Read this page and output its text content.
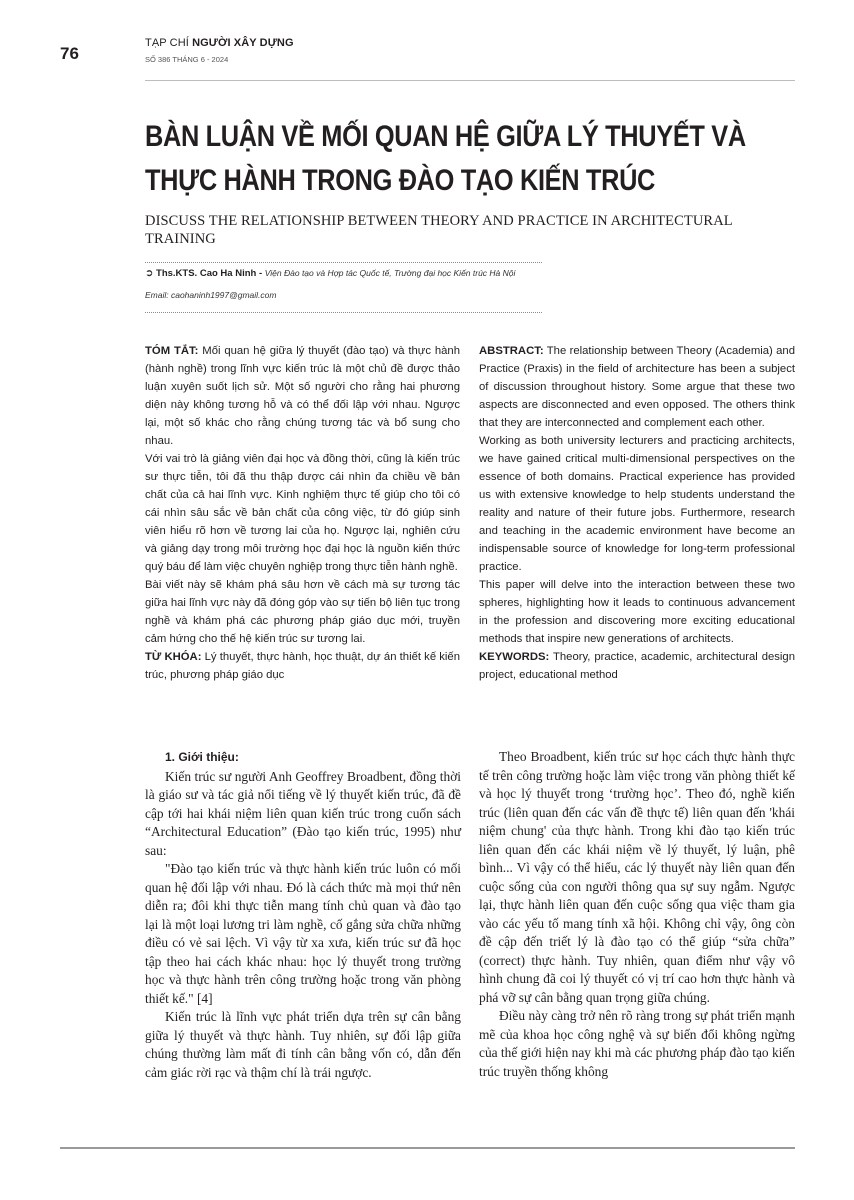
76
TẠP CHÍ NGƯỜI XÂY DỰNG
SỐ 386 THÁNG 6 - 2024
BÀN LUẬN VỀ MỐI QUAN HỆ GIỮA LÝ THUYẾT VÀ THỰC HÀNH TRONG ĐÀO TẠO KIẾN TRÚC
DISCUSS THE RELATIONSHIP BETWEEN THEORY AND PRACTICE IN ARCHITECTURAL TRAINING
➲ Ths.KTS. Cao Ha Ninh - Viện Đào tạo và Hợp tác Quốc tế, Trường đại học Kiến trúc Hà Nội
Email: caohaninh1997@gmail.com

TÓM TẮT: Mối quan hệ giữa lý thuyết (đào tạo) và thực hành (hành nghề) trong lĩnh vực kiến trúc là một chủ đề được thảo luận xuyên suốt lịch sử. Một số người cho rằng hai phương diện này không tương hỗ và có thể đối lập với nhau. Ngược lại, một số khác cho rằng chúng tương tác và bổ sung cho nhau.

Với vai trò là giảng viên đại học và đồng thời, cũng là kiến trúc sư thực tiễn, tôi đã thu thập được cái nhìn đa chiều về bản chất của cả hai lĩnh vực. Kinh nghiệm thực tế giúp cho tôi có cái nhìn sâu sắc về bản chất của công việc, từ đó giúp sinh viên hiểu rõ hơn về tương lai của họ. Ngược lại, nghiên cứu và giảng dạy trong môi trường học đại học là nguồn kiến thức quý báu để làm việc chuyên nghiệp trong thực tiễn hành nghề.

Bài viết này sẽ khám phá sâu hơn về cách mà sự tương tác giữa hai lĩnh vực này đã đóng góp vào sự tiến bộ liên tục trong nghề và khám phá các phương pháp giáo dục mới, truyền cảm hứng cho thế hệ kiến trúc sư tương lai.

TỪ KHÓA: Lý thuyết, thực hành, học thuật, dự án thiết kế kiến trúc, phương pháp giáo dục

ABSTRACT: The relationship between Theory (Academia) and Practice (Praxis) in the field of architecture has been a subject of discussion throughout history. Some argue that these two aspects are disconnected and even opposed. The others think that they are interconnected and complement each other.

Working as both university lecturers and practicing architects, we have gained critical multi-dimensional perspectives on the essence of both domains. Practical experience has provided us with extensive knowledge to help students understand the reality and nature of their future jobs. Furthermore, research and teaching in the academic environment have become an indispensable source of knowledge for long-term professional practice.

This paper will delve into the interaction between these two spheres, highlighting how it leads to continuous advancement in the profession and discovering more exciting educational methods that inspire new generations of architects.

KEYWORDS: Theory, practice, academic, architectural design project, educational method

1. Giới thiệu:

Kiến trúc sư người Anh Geoffrey Broadbent, đồng thời là giáo sư và tác giả nổi tiếng về lý thuyết kiến trúc, đã đề cập tới hai khái niệm liên quan kiến trúc trong cuốn sách “Architectural Education” (Đào tạo kiến trúc, 1995) như sau:

"Đào tạo kiến trúc và thực hành kiến trúc luôn có mối quan hệ đối lập với nhau. Đó là cách thức mà mọi thứ nên diễn ra; đôi khi thực tiễn mang tính chủ quan và đào tạo lại là một loại lương tri làm nghề, cố gắng sửa chữa những điều có vẻ sai lệch. Vì vậy từ xa xưa, kiến trúc sư đã học tập theo hai cách khác nhau: học lý thuyết trong trường học và thực hành trên công trường hoặc trong văn phòng thiết kế." [4]

Kiến trúc là lĩnh vực phát triển dựa trên sự cân bằng giữa lý thuyết và thực hành. Tuy nhiên, sự đối lập giữa chúng thường làm mất đi tính cân bằng vốn có, dẫn đến cảm giác rời rạc và thậm chí là trái ngược.

Theo Broadbent, kiến trúc sư học cách thực hành thực tế trên công trường hoặc làm việc trong văn phòng thiết kế và học lý thuyết trong ‘trường học’. Theo đó, nghề kiến trúc (liên quan đến các vấn đề thực tế) liên quan đến 'khái niệm chung' của thực hành. Trong khi đào tạo kiến trúc liên quan đến các khái niệm về lý thuyết, lý luận, phê bình... Vì vậy có thể hiểu, các lý thuyết này liên quan đến cuộc sống của con người thông qua sự suy ngẫm. Ngược lại, thực hành liên quan đến cuộc sống qua việc tham gia vào các yếu tố mang tính xã hội. Không chỉ vậy, ông còn đề cập đến triết lý là đào tạo có thể giúp “sửa chữa” (correct) thực hành. Tuy nhiên, quan điểm như vậy vô hình chung đã coi lý thuyết có vị trí cao hơn thực hành và phá vỡ sự cân bằng quan trọng giữa chúng.

Điều này càng trở nên rõ ràng trong sự phát triển mạnh mẽ của khoa học công nghệ và sự biến đổi không ngừng của thế giới hiện nay khi mà các phương pháp đào tạo kiến trúc truyền thống không
